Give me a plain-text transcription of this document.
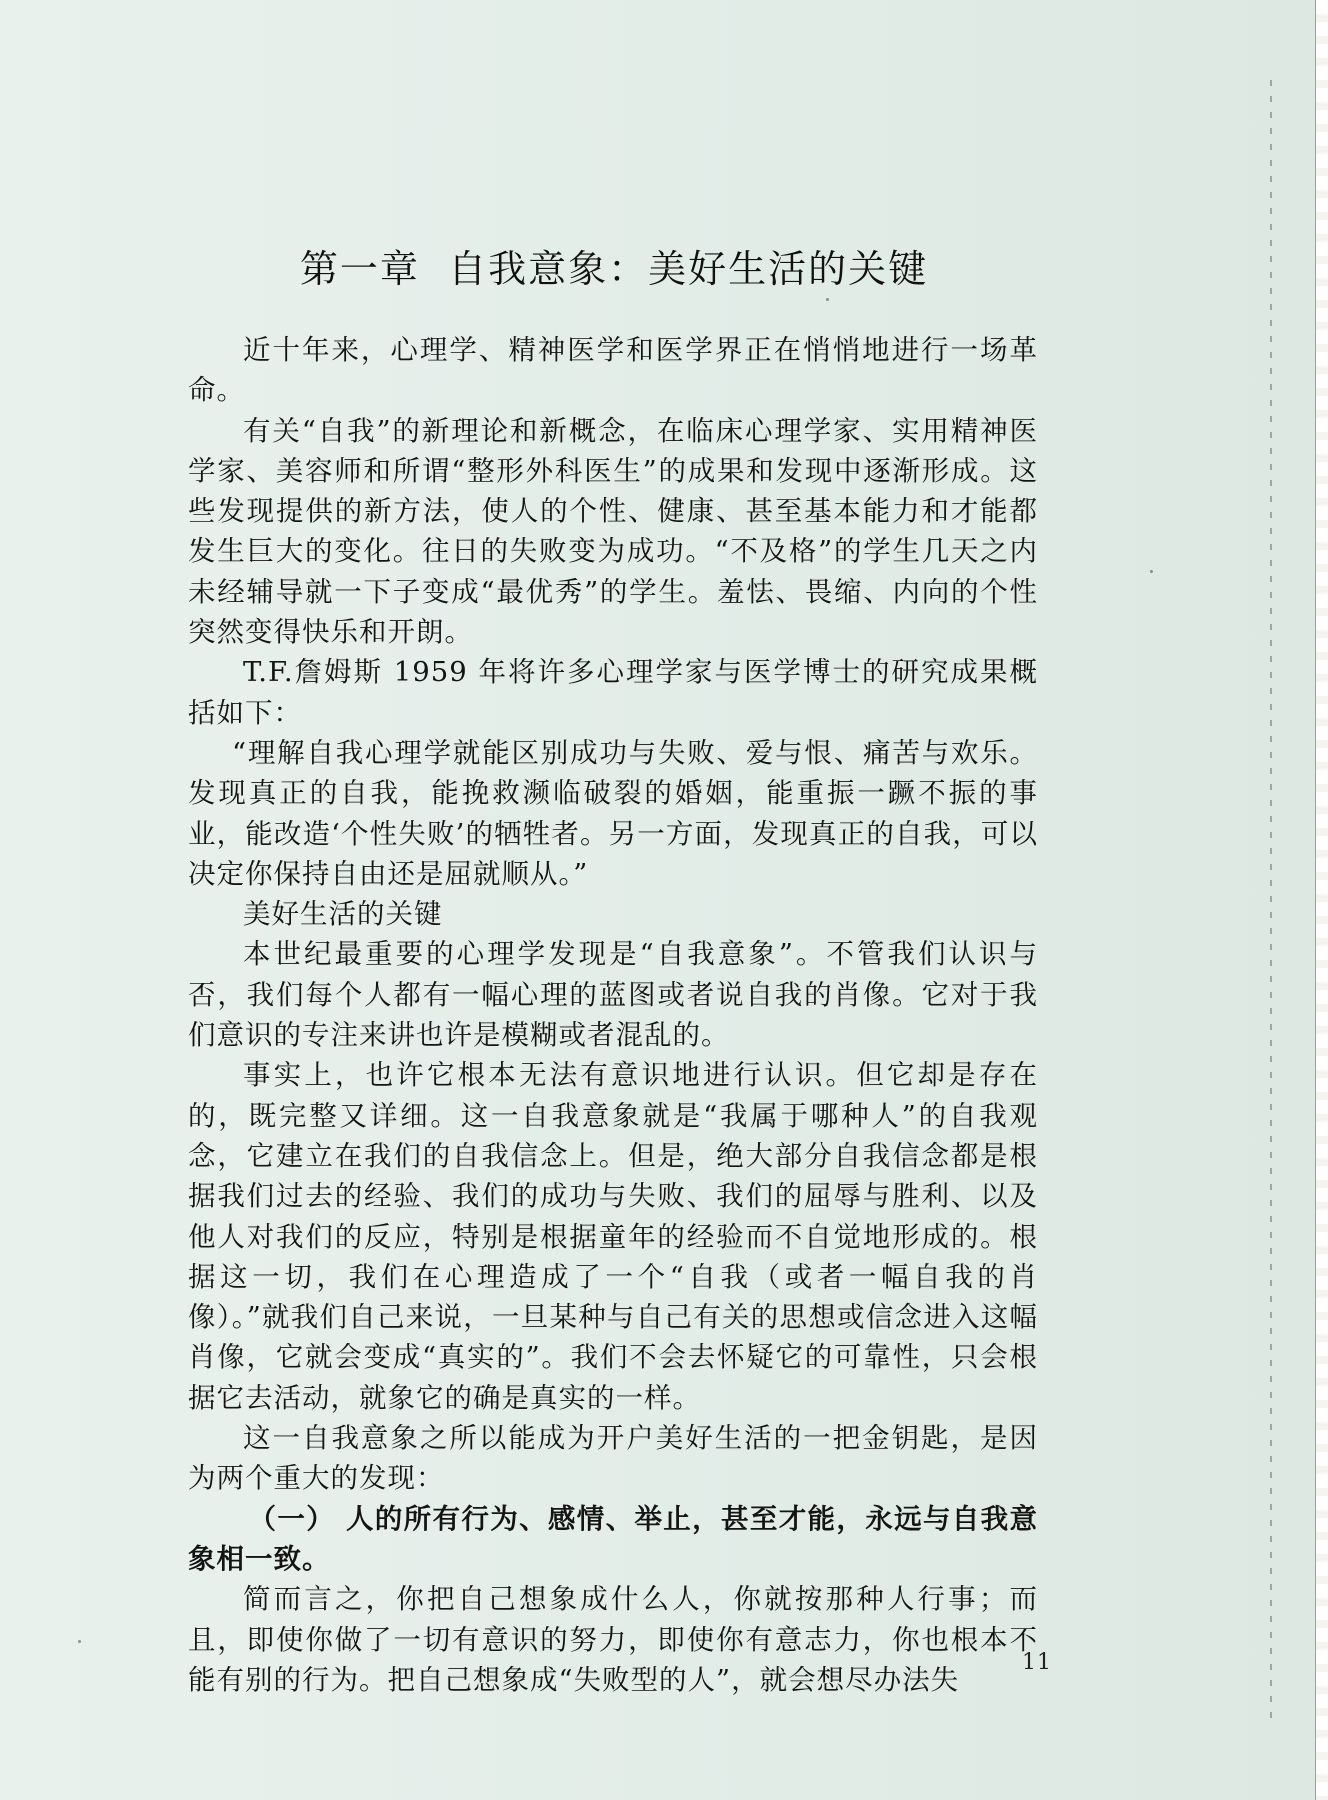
第一章 自我意象：美好生活的关键

近十年来，心理学、精神医学和医学界正在悄悄地进行一场革命。

有关“自我”的新理论和新概念，在临床心理学家、实用精神医学家、美容师和所谓“整形外科医生”的成果和发现中逐渐形成。这些发现提供的新方法，使人的个性、健康、甚至基本能力和才能都发生巨大的变化。往日的失败变为成功。“不及格”的学生几天之内未经辅导就一下子变成“最优秀”的学生。羞怯、畏缩、内向的个性突然变得快乐和开朗。

T.F.詹姆斯 1959 年将许多心理学家与医学博士的研究成果概括如下：

“理解自我心理学就能区别成功与失败、爱与恨、痛苦与欢乐。发现真正的自我，能挽救濒临破裂的婚姻，能重振一蹶不振的事业，能改造‘个性失败’的牺牲者。另一方面，发现真正的自我，可以决定你保持自由还是屈就顺从。”

美好生活的关键

本世纪最重要的心理学发现是“自我意象”。不管我们认识与否，我们每个人都有一幅心理的蓝图或者说自我的肖像。它对于我们意识的专注来讲也许是模糊或者混乱的。

事实上，也许它根本无法有意识地进行认识。但它却是存在的，既完整又详细。这一自我意象就是“我属于哪种人”的自我观念，它建立在我们的自我信念上。但是，绝大部分自我信念都是根据我们过去的经验、我们的成功与失败、我们的屈辱与胜利、以及他人对我们的反应，特别是根据童年的经验而不自觉地形成的。根据这一切，我们在心理造成了一个“自我（或者一幅自我的肖像）。”就我们自己来说，一旦某种与自己有关的思想或信念进入这幅肖像，它就会变成“真实的”。我们不会去怀疑它的可靠性，只会根据它去活动，就象它的确是真实的一样。

这一自我意象之所以能成为开户美好生活的一把金钥匙，是因为两个重大的发现：

（一） 人的所有行为、感情、举止，甚至才能，永远与自我意象相一致。

简而言之，你把自己想象成什么人，你就按那种人行事；而且，即使你做了一切有意识的努力，即使你有意志力，你也根本不能有别的行为。把自己想象成“失败型的人”，就会想尽办法失

11
